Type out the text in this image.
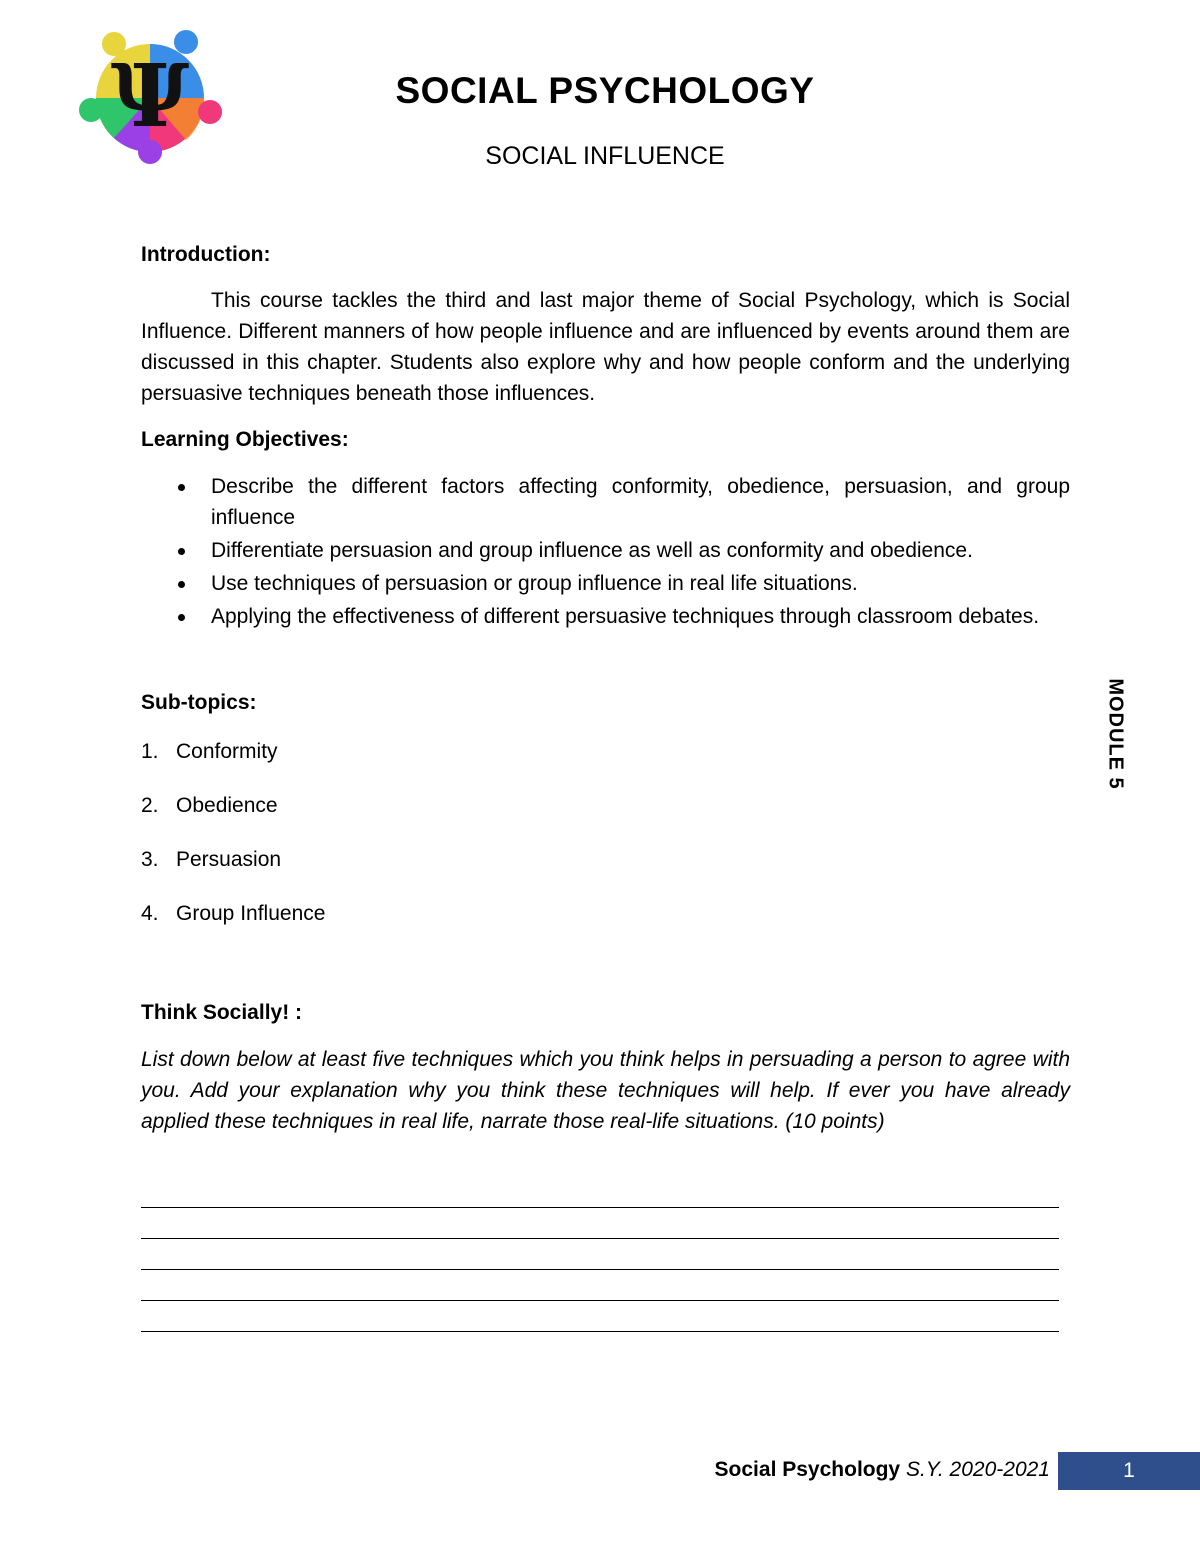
Ψ	SOCIAL PSYCHOLOGY
SOCIAL INFLUENCE
Introduction:
This course tackles the third and last major theme of Social Psychology, which is Social Influence. Different manners of how people influence and are influenced by events around them are discussed in this chapter. Students also explore why and how people conform and the underlying persuasive techniques beneath those influences.
Learning Objectives:
Describe the different factors affecting conformity, obedience, persuasion, and group influence
Differentiate persuasion and group influence as well as conformity and obedience.
Use techniques of persuasion or group influence in real life situations.
Applying the effectiveness of different persuasive techniques through classroom debates.
Sub-topics:
1. Conformity
2. Obedience
3. Persuasion
4. Group Influence
Think Socially! :
List down below at least five techniques which you think helps in persuading a person to agree with you. Add your explanation why you think these techniques will help. If ever you have already applied these techniques in real life, narrate those real-life situations. (10 points)
MODULE 5
Social Psychology S.Y. 2020-2021	1
